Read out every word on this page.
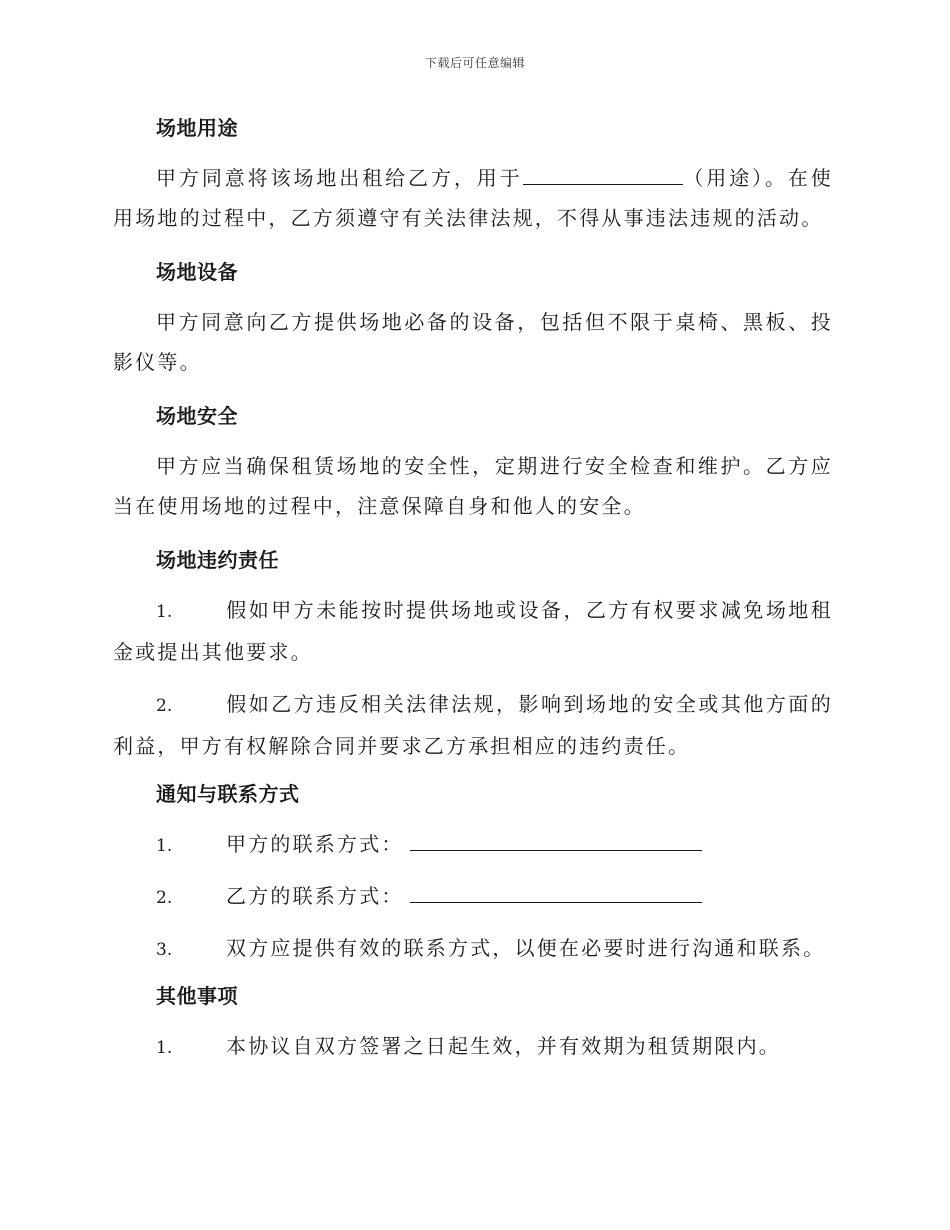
下载后可任意编辑
场地用途

甲方同意将该场地出租给乙方，用于	（用途）。在使用场地的过程中，乙方须遵守有关法律法规，不得从事违法违规的活动。

场地设备

甲方同意向乙方提供场地必备的设备，包括但不限于桌椅、黑板、投影仪等。

场地安全

甲方应当确保租赁场地的安全性，定期进行安全检查和维护。乙方应当在使用场地的过程中，注意保障自身和他人的安全。

场地违约责任
1.	假如甲方未能按时提供场地或设备，乙方有权要求减免场地租金或提出其他要求。
2.	假如乙方违反相关法律法规，影响到场地的安全或其他方面的利益，甲方有权解除合同并要求乙方承担相应的违约责任。
通知与联系方式
1.	甲方的联系方式：
2.	乙方的联系方式：
3.	双方应提供有效的联系方式，以便在必要时进行沟通和联系。
其他事项
1.	本协议自双方签署之日起生效，并有效期为租赁期限内。
